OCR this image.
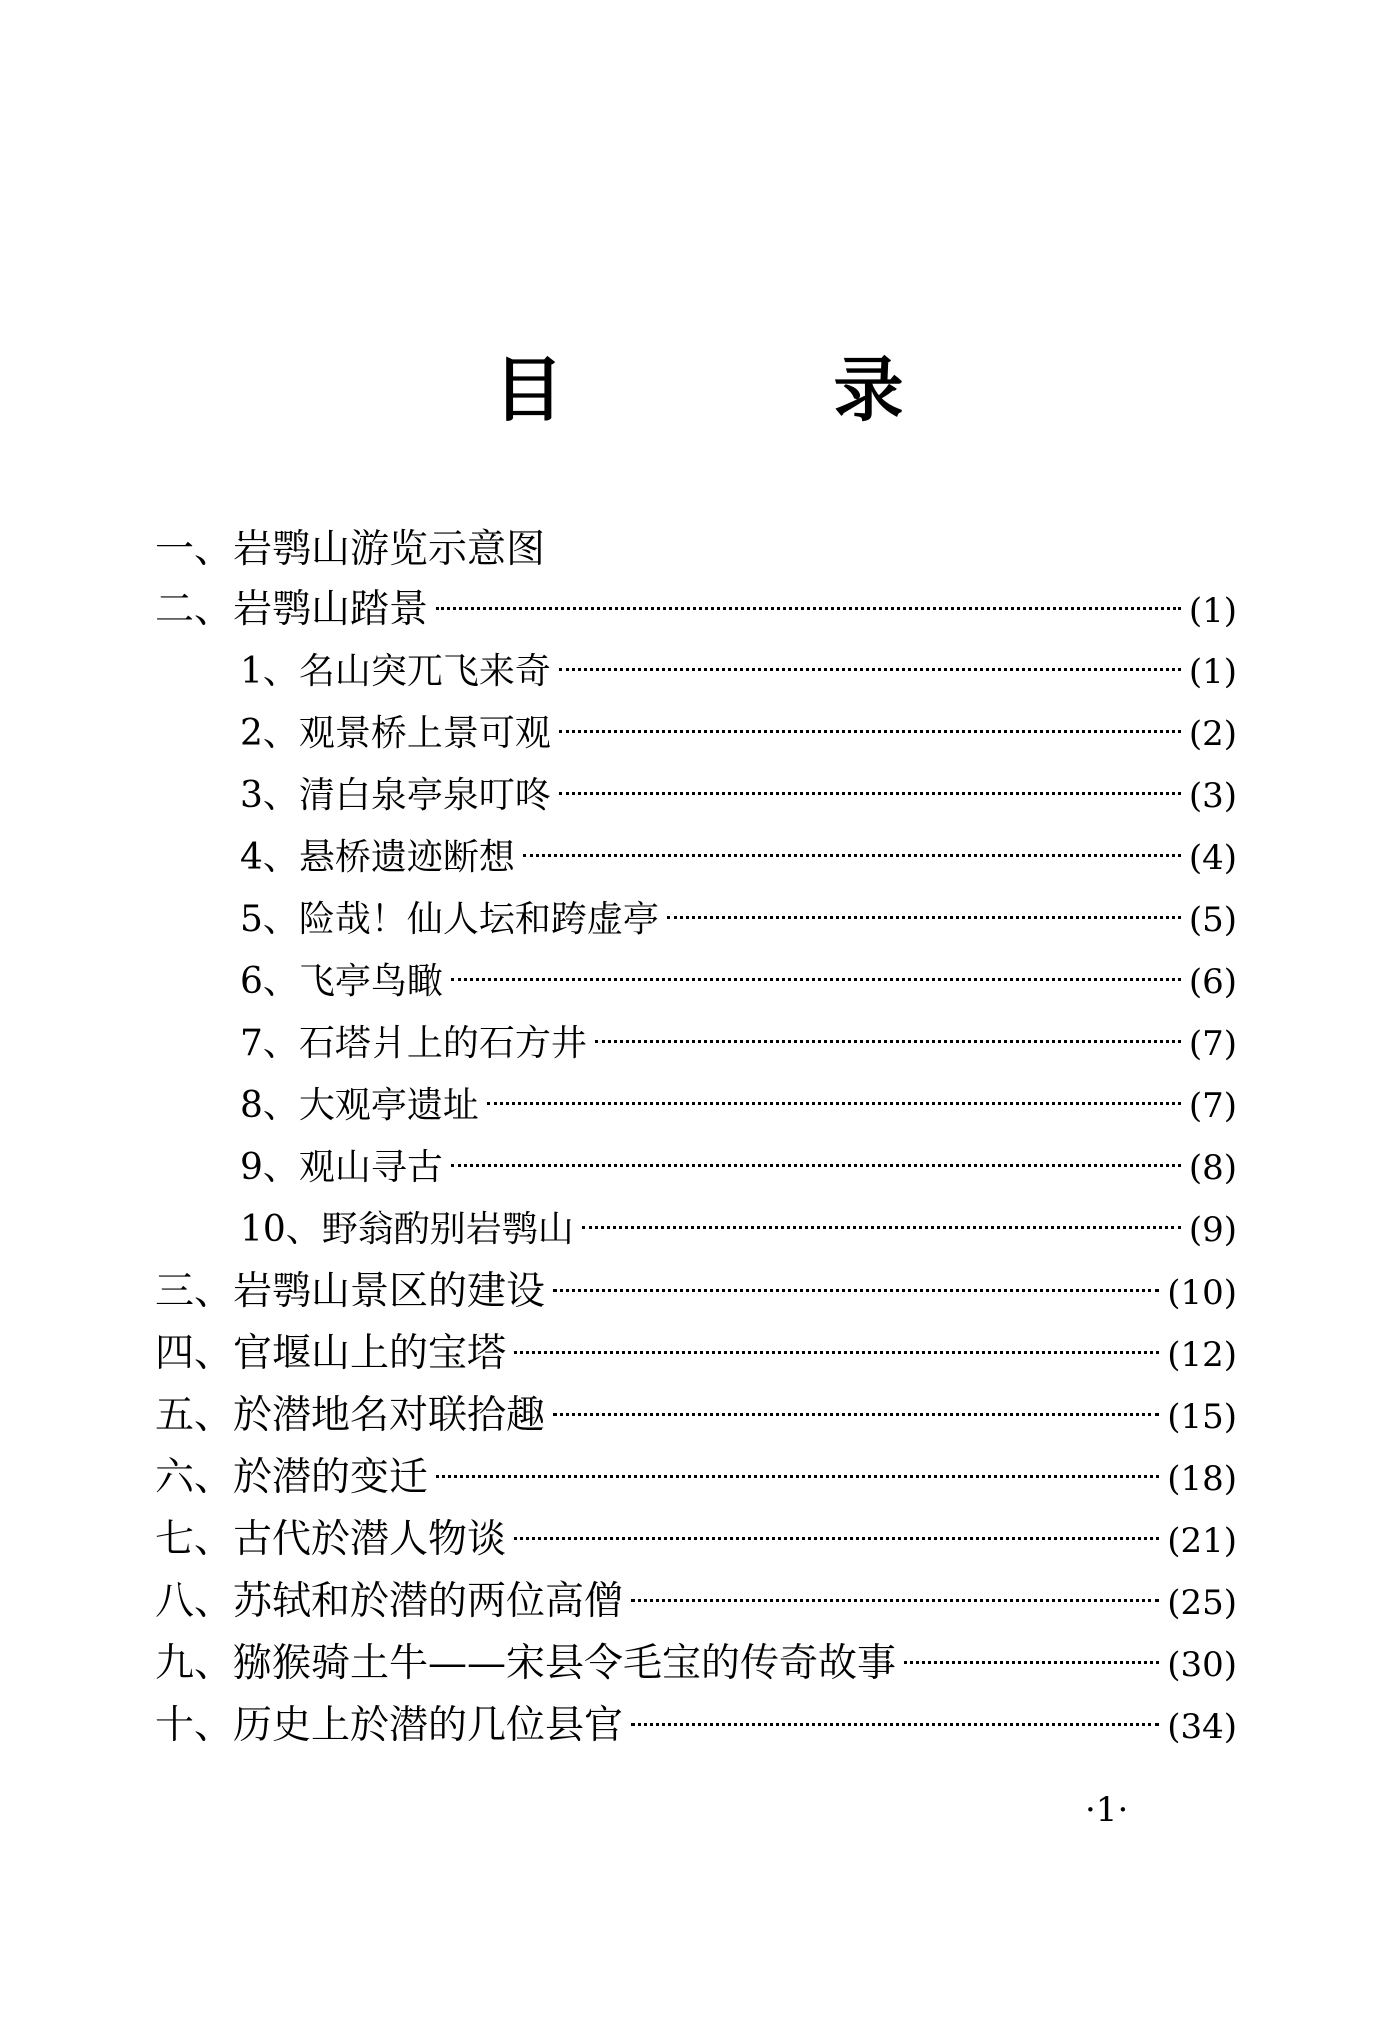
目　录
一、岩鹗山游览示意图
二、岩鹗山踏景	(1)
1、名山突兀飞来奇	(1)
2、观景桥上景可观	(2)
3、清白泉亭泉叮咚	(3)
4、悬桥遗迹断想	(4)
5、险哉！仙人坛和跨虚亭	(5)
6、飞亭鸟瞰	(6)
7、石塔爿上的石方井	(7)
8、大观亭遗址	(7)
9、观山寻古	(8)
10、野翁酌别岩鹗山	(9)
三、岩鹗山景区的建设	(10)
四、官堰山上的宝塔	(12)
五、於潜地名对联拾趣	(15)
六、於潜的变迁	(18)
七、古代於潜人物谈	(21)
八、苏轼和於潜的两位高僧	(25)
九、猕猴骑土牛——宋县令毛宝的传奇故事	(30)
十、历史上於潜的几位县官	(34)
·1·
